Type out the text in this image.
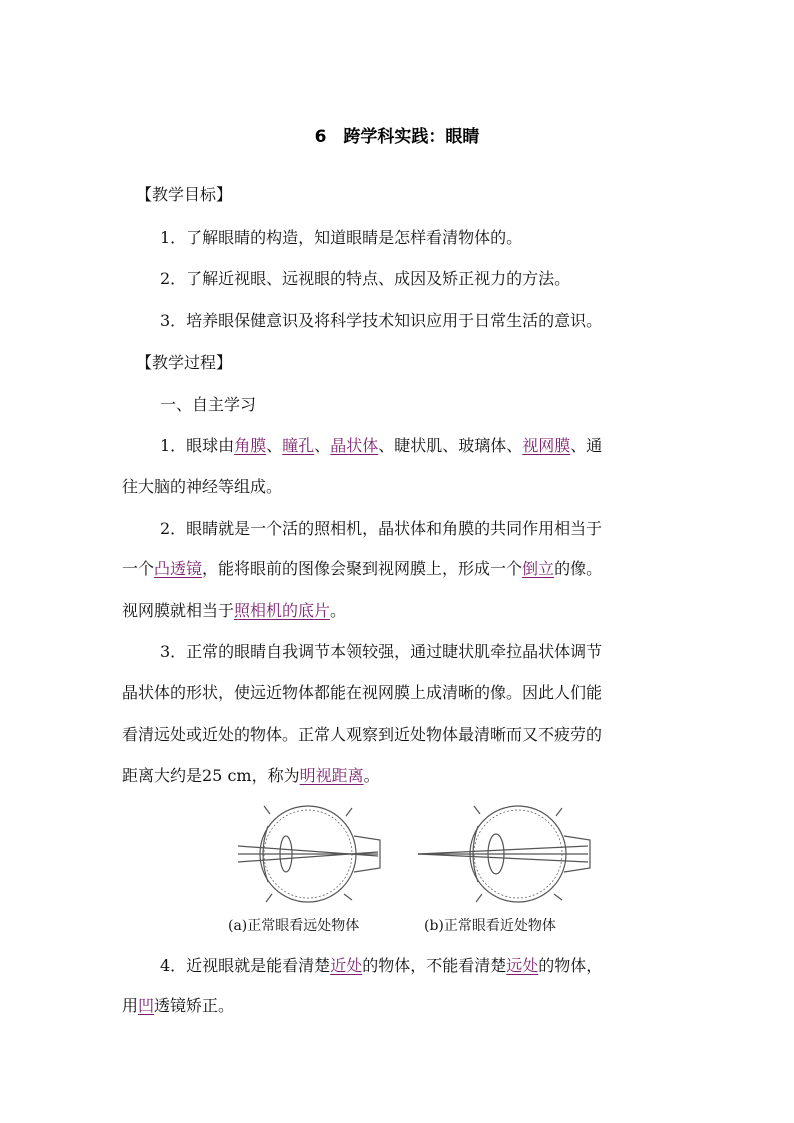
6　跨学科实践：眼睛
【教学目标】
1．了解眼睛的构造，知道眼睛是怎样看清物体的。
2．了解近视眼、远视眼的特点、成因及矫正视力的方法。
3．培养眼保健意识及将科学技术知识应用于日常生活的意识。
【教学过程】
一、自主学习
1．眼球由角膜、瞳孔、晶状体、睫状肌、玻璃体、视网膜、通
往大脑的神经等组成。
2．眼睛就是一个活的照相机，晶状体和角膜的共同作用相当于
一个凸透镜，能将眼前的图像会聚到视网膜上，形成一个倒立的像。
视网膜就相当于照相机的底片。
3．正常的眼睛自我调节本领较强，通过睫状肌牵拉晶状体调节
晶状体的形状，使远近物体都能在视网膜上成清晰的像。因此人们能
看清远处或近处的物体。正常人观察到近处物体最清晰而又不疲劳的
距离大约是25 cm，称为明视距离。
(a)正常眼看远处物体	(b)正常眼看近处物体
4．近视眼就是能看清楚近处的物体，不能看清楚远处的物体，
用凹透镜矫正。
